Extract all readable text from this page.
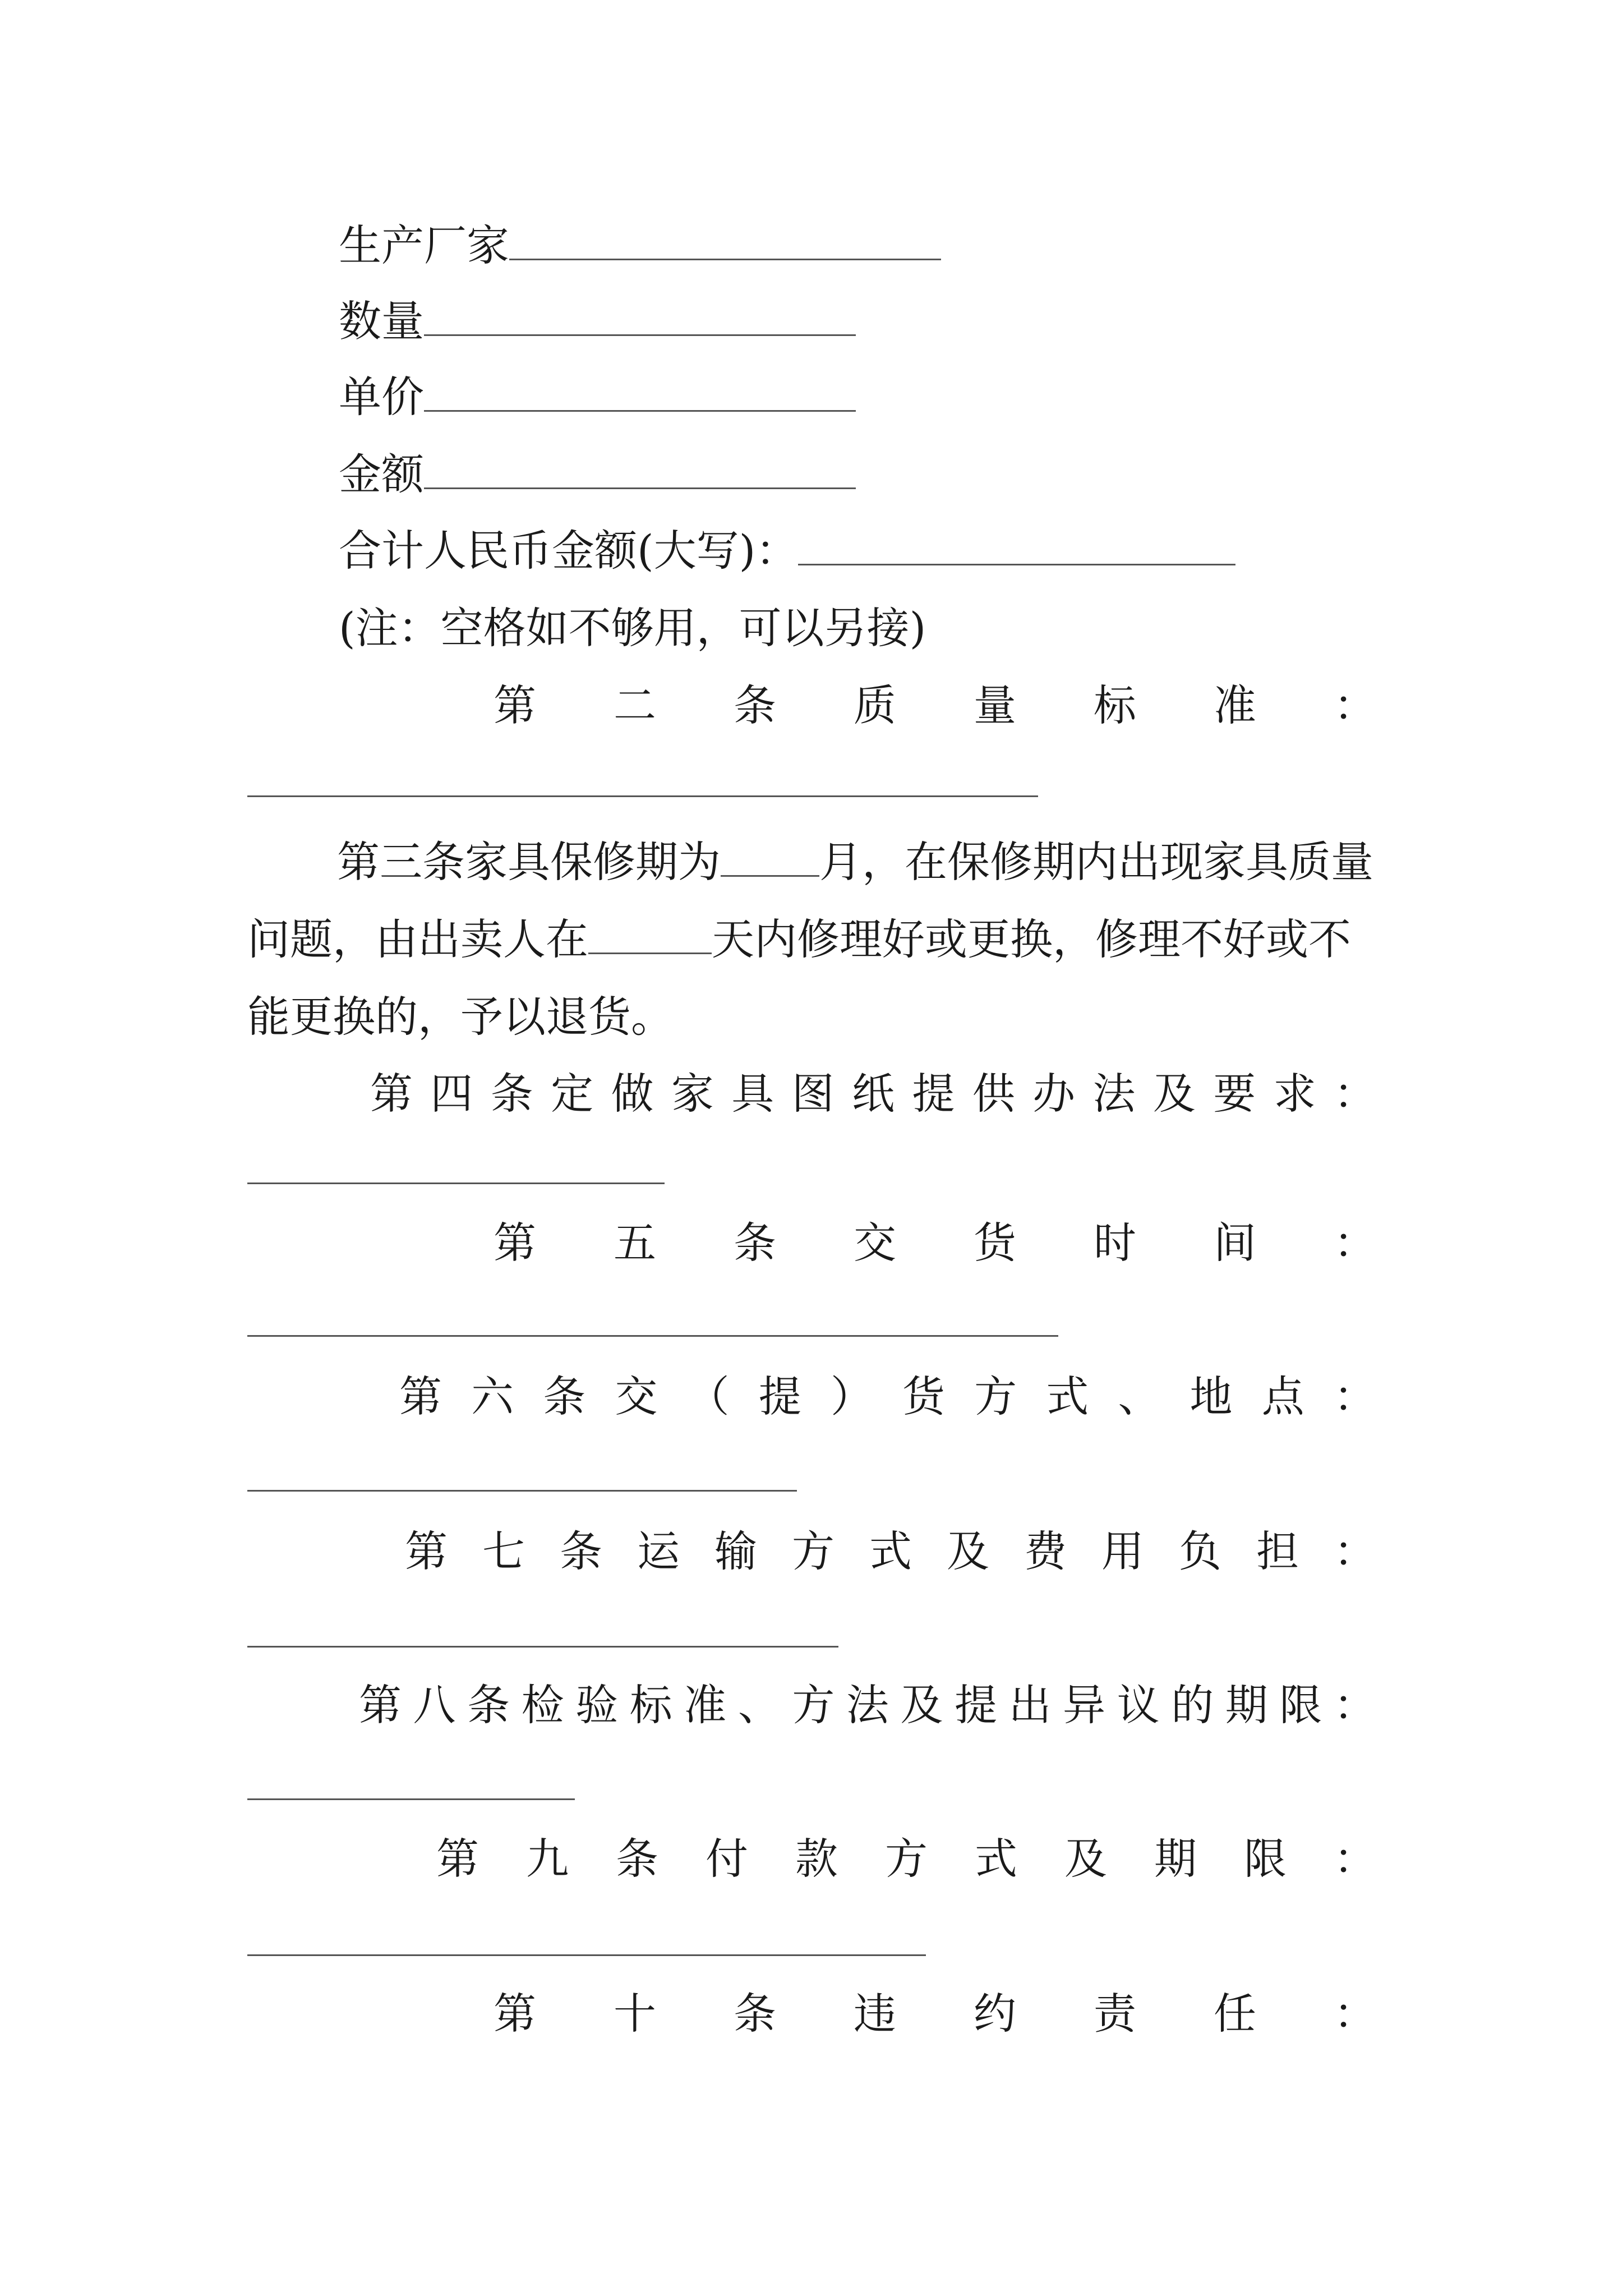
生产厂家
数量
单价
金额
合计人民币金额(大写)：
(注：空格如不够用，可以另接)
第 二 条 质 量 标 准 ：
第三条家具保修期为 月，在保修期内出现家具质量问题，由出卖人在	天内修理好或更换，修理不好或不能更换的，予以退货。
第 四 条 定 做 家 具 图 纸 提 供 办 法 及 要 求 ：
第 五 条 交 货 时 间 ：
第 六 条 交 （ 提 ） 货 方 式 、 地 点 ：
第 七 条 运 输 方 式 及 费 用 负 担 ：
第 八 条 检 验 标 准 、 方 法 及 提 出 异 议 的 期 限 ：
第 九 条 付 款 方 式 及 期 限 ：
第 十 条 违 约 责 任 ：
